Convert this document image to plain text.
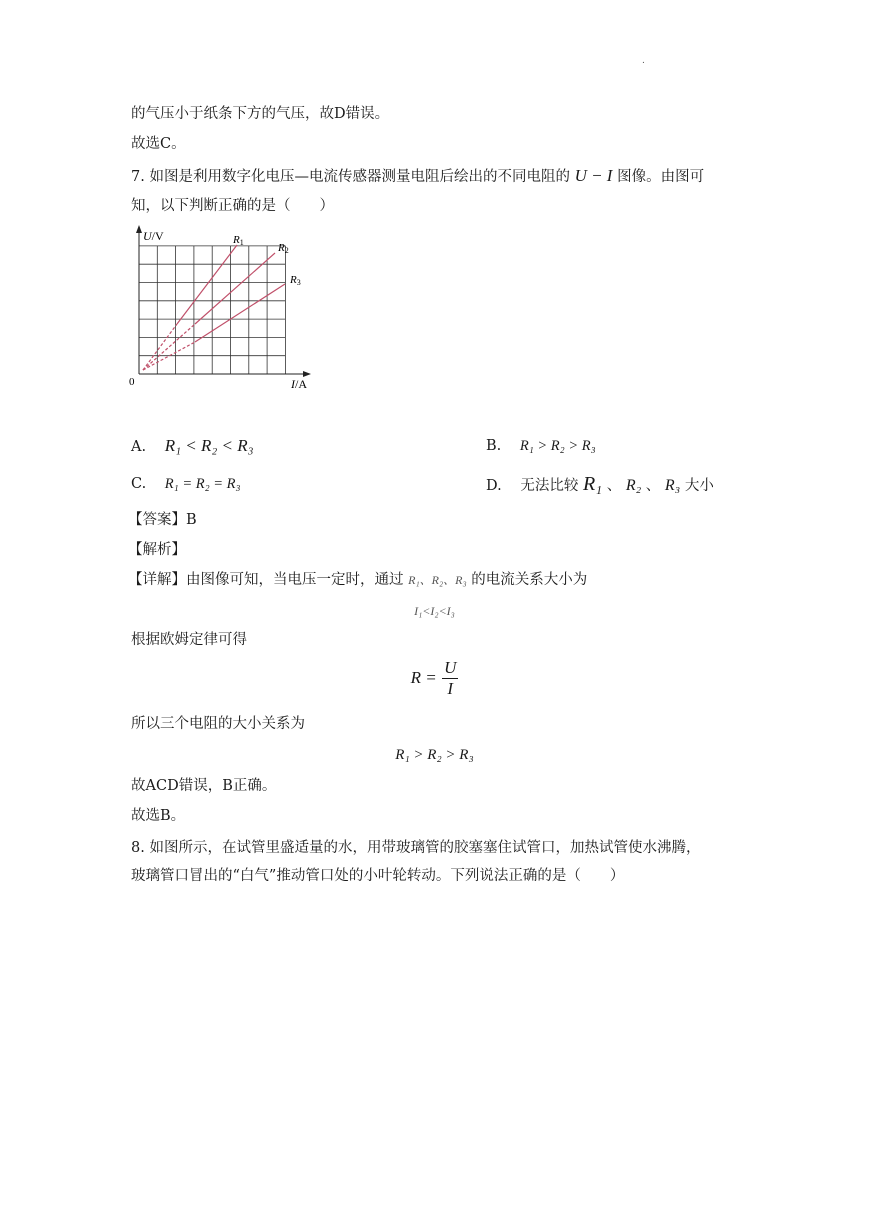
.
的气压小于纸条下方的气压，故D错误。
故选C。
7. 如图是利用数字化电压—电流传感器测量电阻后绘出的不同电阻的 U − I 图像。由图可
知，以下判断正确的是（　　）
U/V
I/A
0
R1	R2
R3
A. R₁ < R₂ < R₃	B. R₁ > R₂ > R₃
C. R₁ = R₂ = R₃	D. 无法比较 R₁ 、 R₂ 、 R₃ 大小
【答案】B
【解析】
【详解】由图像可知，当电压一定时，通过 R₁、R₂、R₃ 的电流关系大小为
I₁<I₂<I₃
根据欧姆定律可得
$R = \frac{U}{I}$
所以三个电阻的大小关系为
R₁ > R₂ > R₃
故ACD错误，B正确。
故选B。
8. 如图所示，在试管里盛适量的水，用带玻璃管的胶塞塞住试管口，加热试管使水沸腾，
玻璃管口冒出的“白气”推动管口处的小叶轮转动。下列说法正确的是（　　）
